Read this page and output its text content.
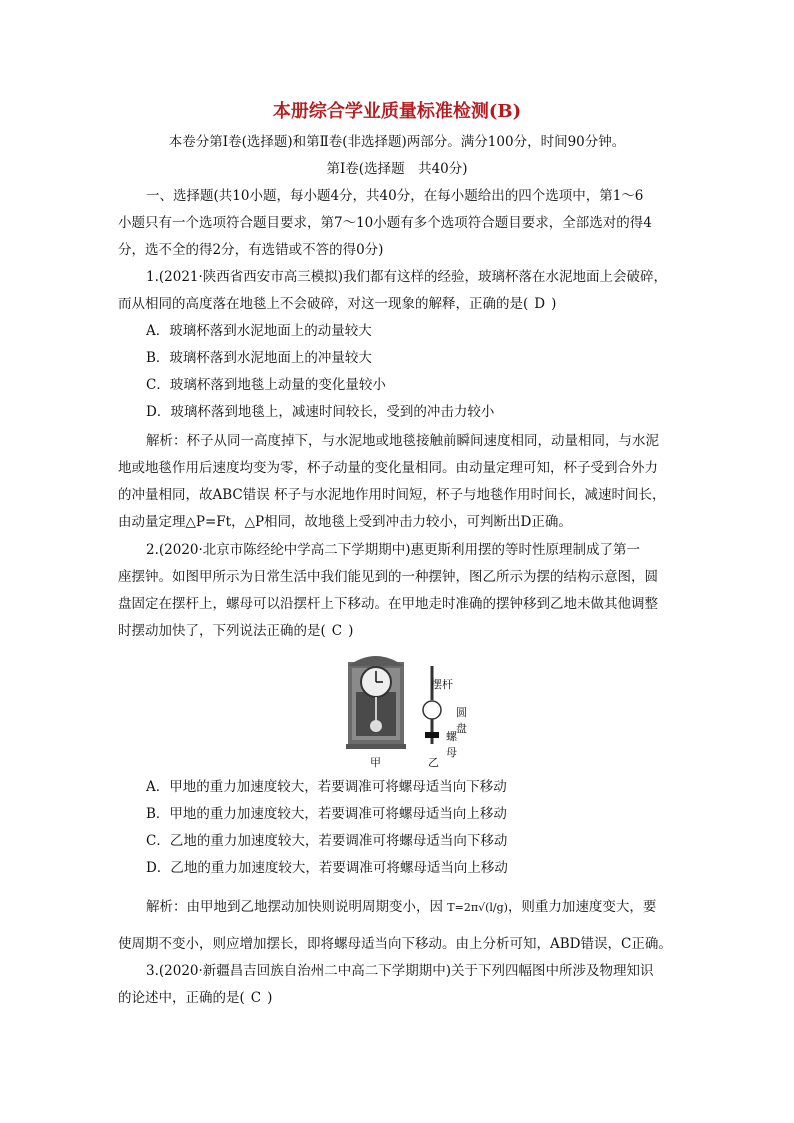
本册综合学业质量标准检测(B)
本卷分第Ⅰ卷(选择题)和第Ⅱ卷(非选择题)两部分。满分100分，时间90分钟。
第Ⅰ卷(选择题　共40分)
一、选择题(共10小题，每小题4分，共40分，在每小题给出的四个选项中，第1～6
小题只有一个选项符合题目要求，第7～10小题有多个选项符合题目要求，全部选对的得4
分，选不全的得2分，有选错或不答的得0分)
1.(2021·陕西省西安市高三模拟)我们都有这样的经验，玻璃杯落在水泥地面上会破碎，
而从相同的高度落在地毯上不会破碎，对这一现象的解释，正确的是( D )
A．玻璃杯落到水泥地面上的动量较大
B．玻璃杯落到水泥地面上的冲量较大
C．玻璃杯落到地毯上动量的变化量较小
D．玻璃杯落到地毯上，减速时间较长，受到的冲击力较小
解析：杯子从同一高度掉下，与水泥地或地毯接触前瞬间速度相同，动量相同，与水泥
地或地毯作用后速度均变为零，杯子动量的变化量相同。由动量定理可知，杯子受到合外力
的冲量相同，故ABC错误 杯子与水泥地作用时间短，杯子与地毯作用时间长，减速时间长，
由动量定理△P=Ft，△P相同，故地毯上受到冲击力较小，可判断出D正确。
2.(2020·北京市陈经纶中学高二下学期期中)惠更斯利用摆的等时性原理制成了第一
座摆钟。如图甲所示为日常生活中我们能见到的一种摆钟，图乙所示为摆的结构示意图，圆
盘固定在摆杆上，螺母可以沿摆杆上下移动。在甲地走时准确的摆钟移到乙地未做其他调整
时摆动加快了，下列说法正确的是( C )
摆杆
圆盘
螺母
甲	乙
A．甲地的重力加速度较大，若要调准可将螺母适当向下移动
B．甲地的重力加速度较大，若要调准可将螺母适当向上移动
C．乙地的重力加速度较大，若要调准可将螺母适当向下移动
D．乙地的重力加速度较大，若要调准可将螺母适当向上移动
解析：由甲地到乙地摆动加快则说明周期变小，因 T=2π√(l/g)，则重力加速度变大，要
使周期不变小，则应增加摆长，即将螺母适当向下移动。由上分析可知，ABD错误，C正确。
3.(2020·新疆昌吉回族自治州二中高二下学期期中)关于下列四幅图中所涉及物理知识
的论述中，正确的是( C )
